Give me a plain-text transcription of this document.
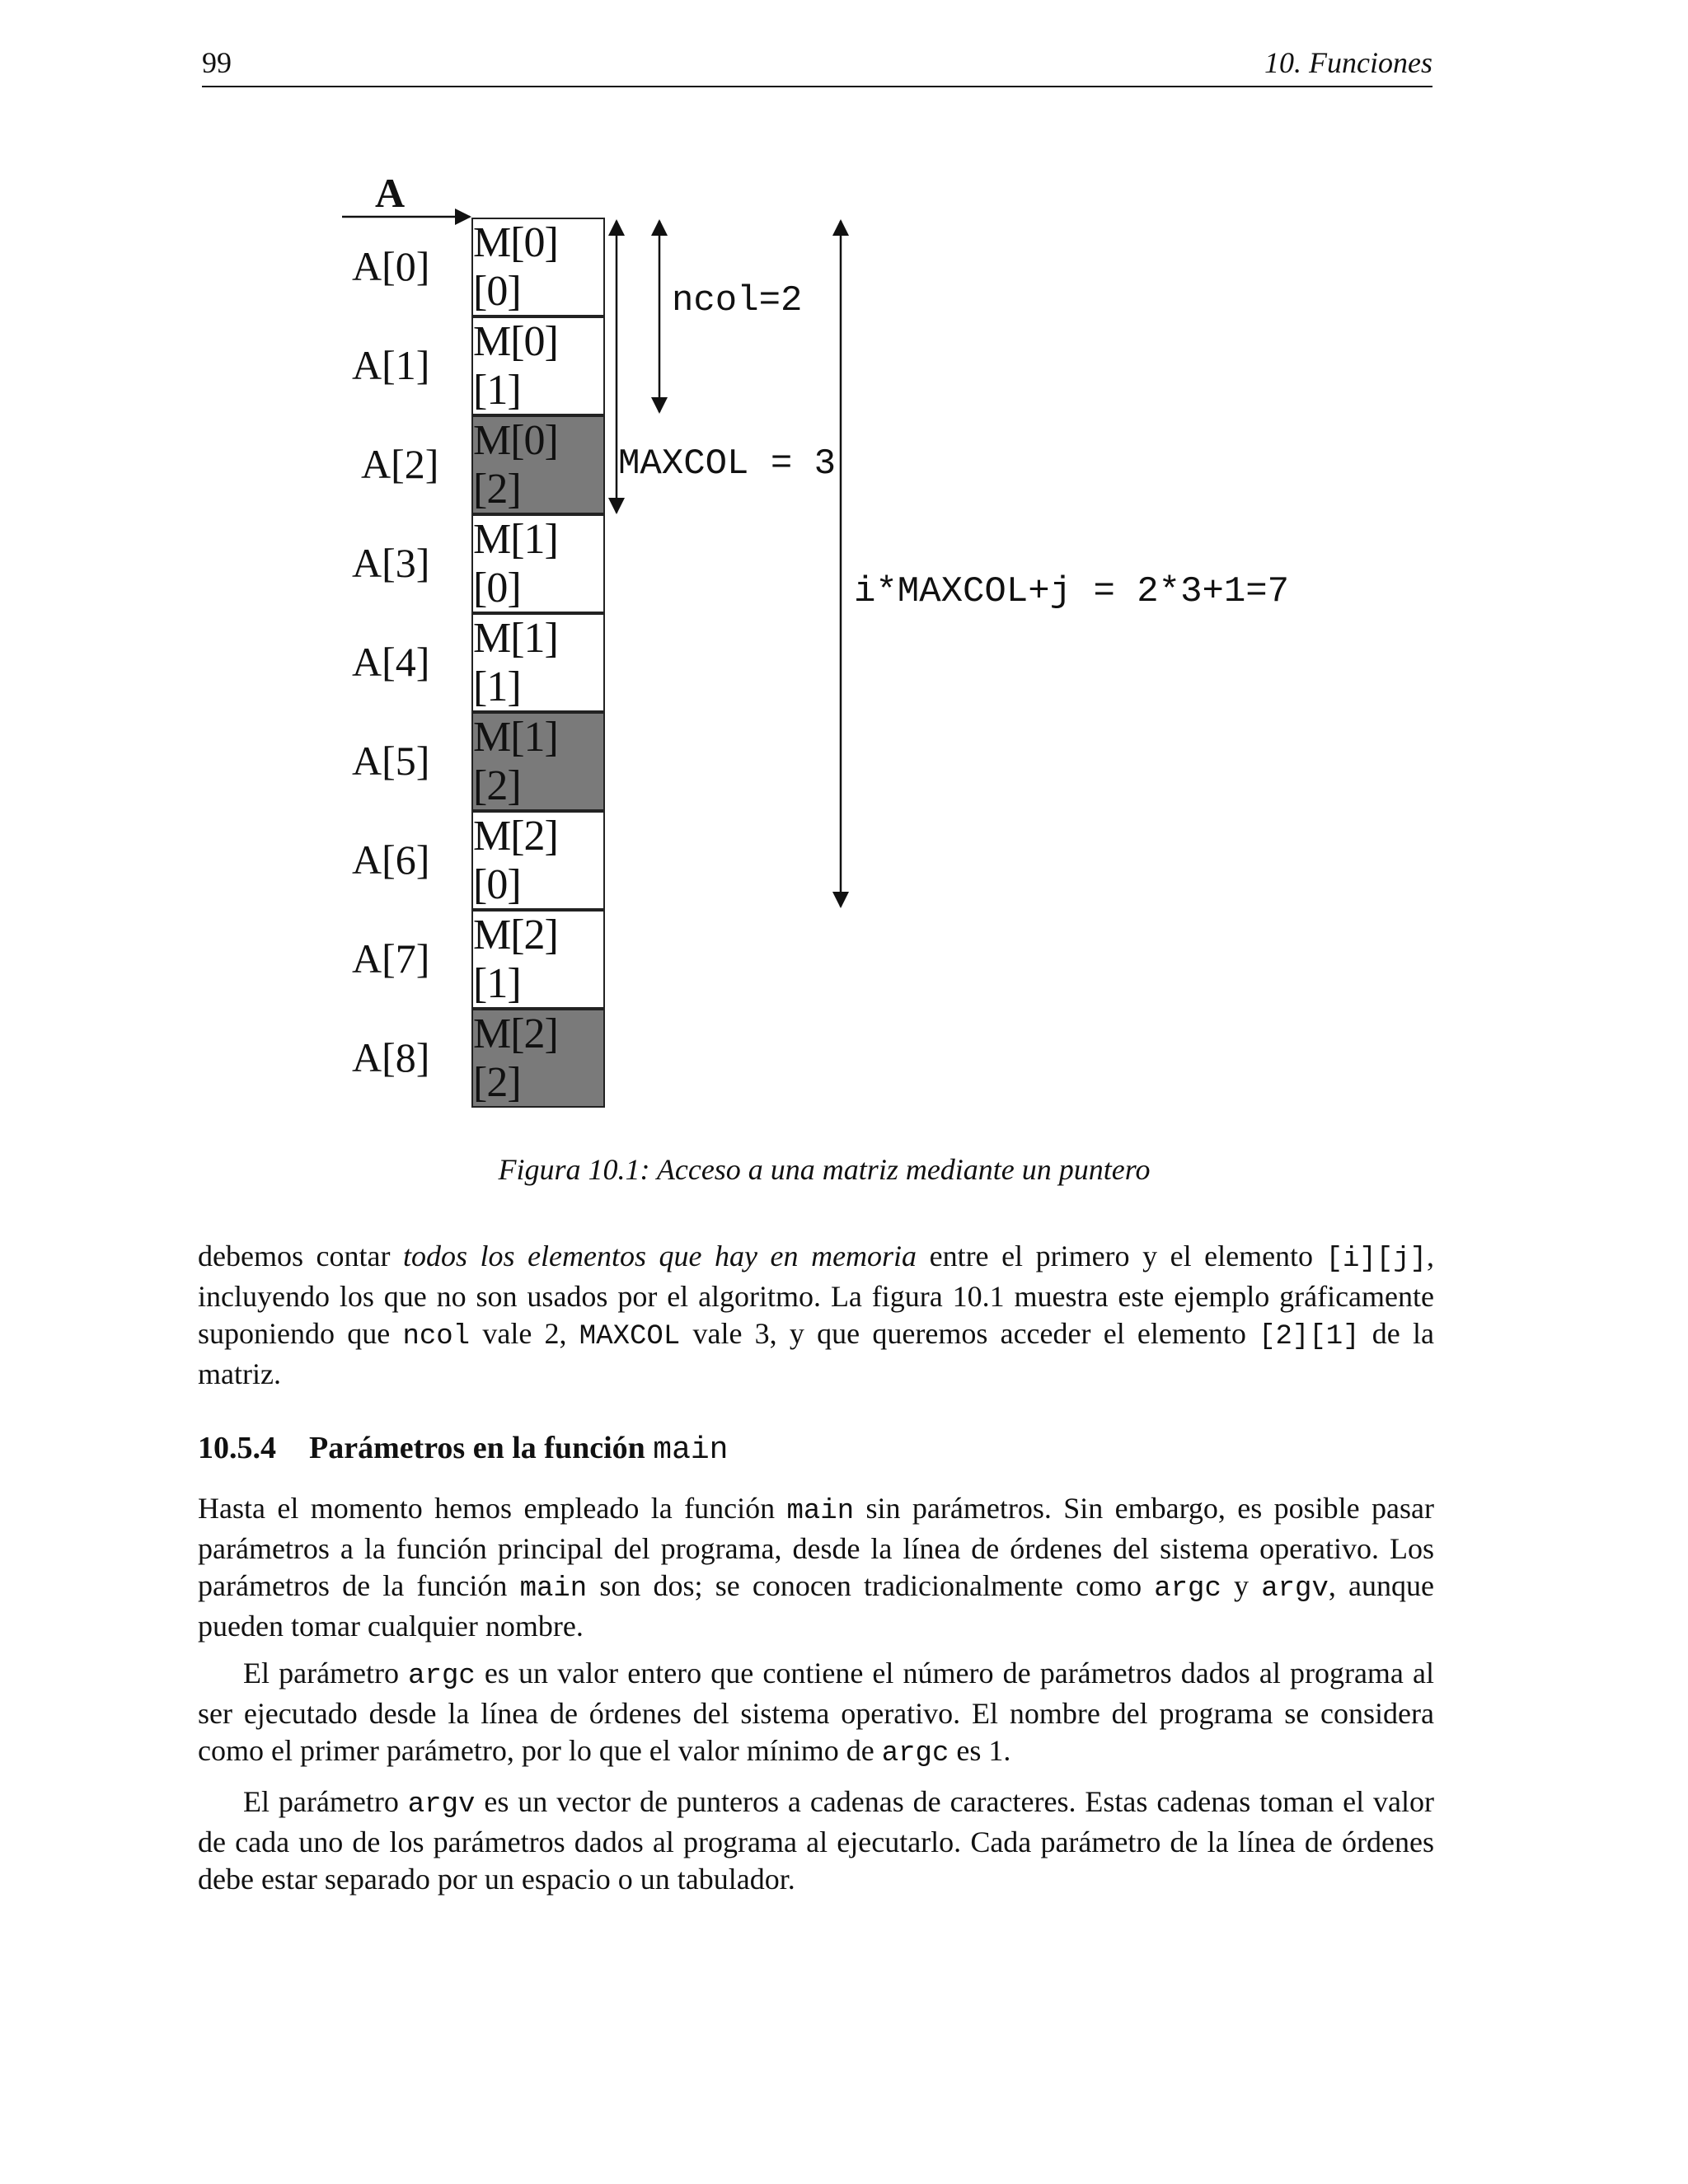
99	10. Funciones
A
A[0] M[0][0]
A[1] M[0][1]
A[2] M[0][2]
A[3] M[1][0]
A[4] M[1][1]
A[5] M[1][2]
A[6] M[2][0]
A[7] M[2][1]
A[8] M[2][2]
ncol=2
MAXCOL = 3
i*MAXCOL+j = 2*3+1=7
Figura 10.1: Acceso a una matriz mediante un puntero

debemos contar todos los elementos que hay en memoria entre el primero y el elemento [i][j], incluyendo los que no son usados por el algoritmo. La figura 10.1 muestra este ejemplo gráficamente suponiendo que ncol vale 2, MAXCOL vale 3, y que queremos acceder el elemento [2][1] de la matriz.

10.5.4 Parámetros en la función main

Hasta el momento hemos empleado la función main sin parámetros. Sin embargo, es posible pasar parámetros a la función principal del programa, desde la línea de órdenes del sistema operativo. Los parámetros de la función main son dos; se conocen tradicionalmente como argc y argv, aunque pueden tomar cualquier nombre.

El parámetro argc es un valor entero que contiene el número de parámetros dados al programa al ser ejecutado desde la línea de órdenes del sistema operativo. El nombre del programa se considera como el primer parámetro, por lo que el valor mínimo de argc es 1.

El parámetro argv es un vector de punteros a cadenas de caracteres. Estas cadenas toman el valor de cada uno de los parámetros dados al programa al ejecutarlo. Cada parámetro de la línea de órdenes debe estar separado por un espacio o un tabulador.
